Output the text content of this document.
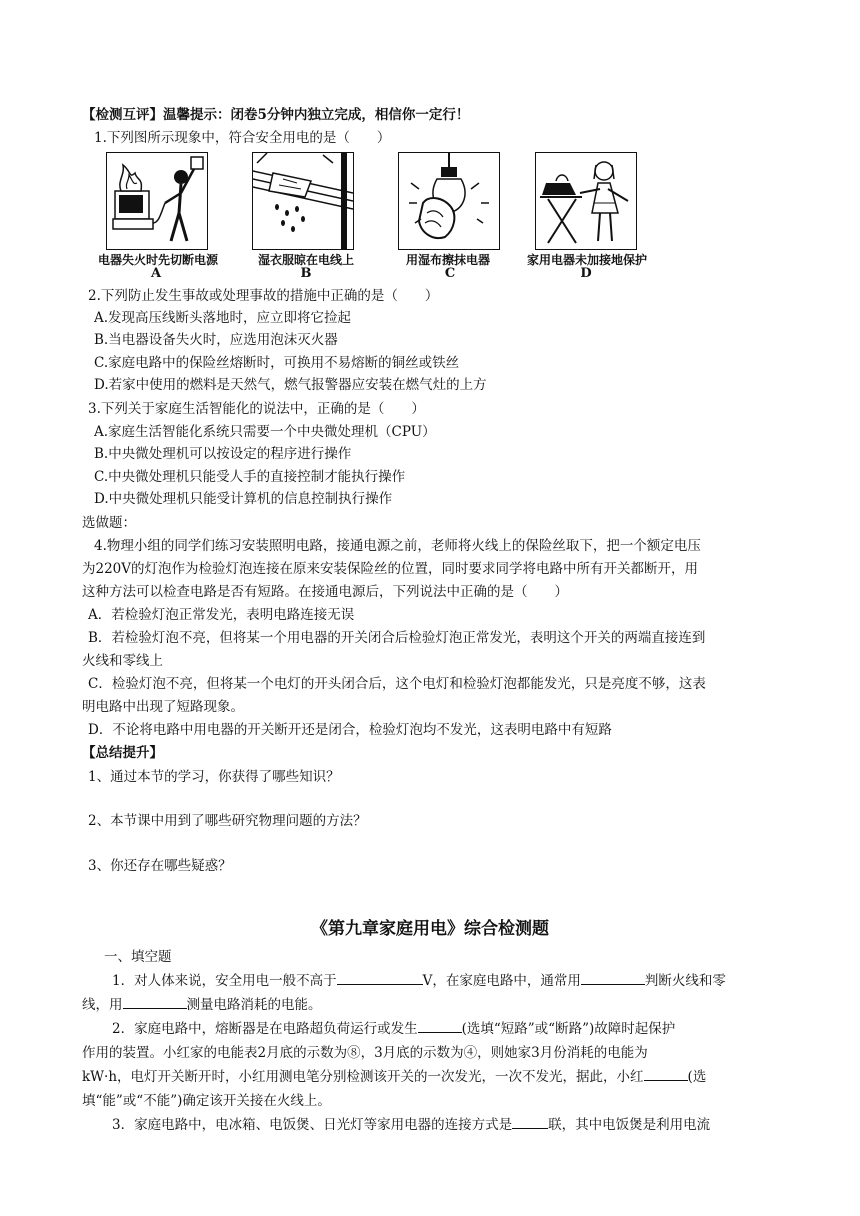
【检测互评】温馨提示：闭卷5分钟内独立完成，相信你一定行！
1.下列图所示现象中，符合安全用电的是（　　）
电器失火时先切断电源
A
湿衣服晾在电线上
B
用湿布擦抹电器
C
家用电器未加接地保护
D
2.下列防止发生事故或处理事故的措施中正确的是（　　）
A.发现高压线断头落地时，应立即将它捡起
B.当电器设备失火时，应选用泡沫灭火器
C.家庭电路中的保险丝熔断时，可换用不易熔断的铜丝或铁丝
D.若家中使用的燃料是天然气，燃气报警器应安装在燃气灶的上方
3.下列关于家庭生活智能化的说法中，正确的是（　　）
A.家庭生活智能化系统只需要一个中央微处理机（CPU）
B.中央微处理机可以按设定的程序进行操作
C.中央微处理机只能受人手的直接控制才能执行操作
D.中央微处理机只能受计算机的信息控制执行操作
选做题：
4.物理小组的同学们练习安装照明电路，接通电源之前，老师将火线上的保险丝取下，把一个额定电压
为220V的灯泡作为检验灯泡连接在原来安装保险丝的位置，同时要求同学将电路中所有开关都断开，用
这种方法可以检查电路是否有短路。在接通电源后，下列说法中正确的是（　　）
A．若检验灯泡正常发光，表明电路连接无误
B．若检验灯泡不亮，但将某一个用电器的开关闭合后检验灯泡正常发光，表明这个开关的两端直接连到
火线和零线上
C．检验灯泡不亮，但将某一个电灯的开头闭合后，这个电灯和检验灯泡都能发光，只是亮度不够，这表
明电路中出现了短路现象。
D．不论将电路中用电器的开关断开还是闭合，检验灯泡均不发光，这表明电路中有短路
【总结提升】
1、通过本节的学习，你获得了哪些知识？
2、本节课中用到了哪些研究物理问题的方法？
3、你还存在哪些疑惑？
《第九章家庭用电》综合检测题
一、填空题
1．对人体来说，安全用电一般不高于	V，在家庭电路中，通常用	判断火线和零
线，用	测量电路消耗的电能。
2．家庭电路中，熔断器是在电路超负荷运行或发生	(选填“短路”或“断路”)故障时起保护
作用的装置。小红家的电能表2月底的示数为⑧，3月底的示数为④，则她家3月份消耗的电能为
kW·h，电灯开关断开时，小红用测电笔分别检测该开关的一次发光，一次不发光，据此，小红	(选
填“能”或“不能”)确定该开关接在火线上。
3．家庭电路中，电冰箱、电饭煲、日光灯等家用电器的连接方式是	联，其中电饭煲是利用电流
